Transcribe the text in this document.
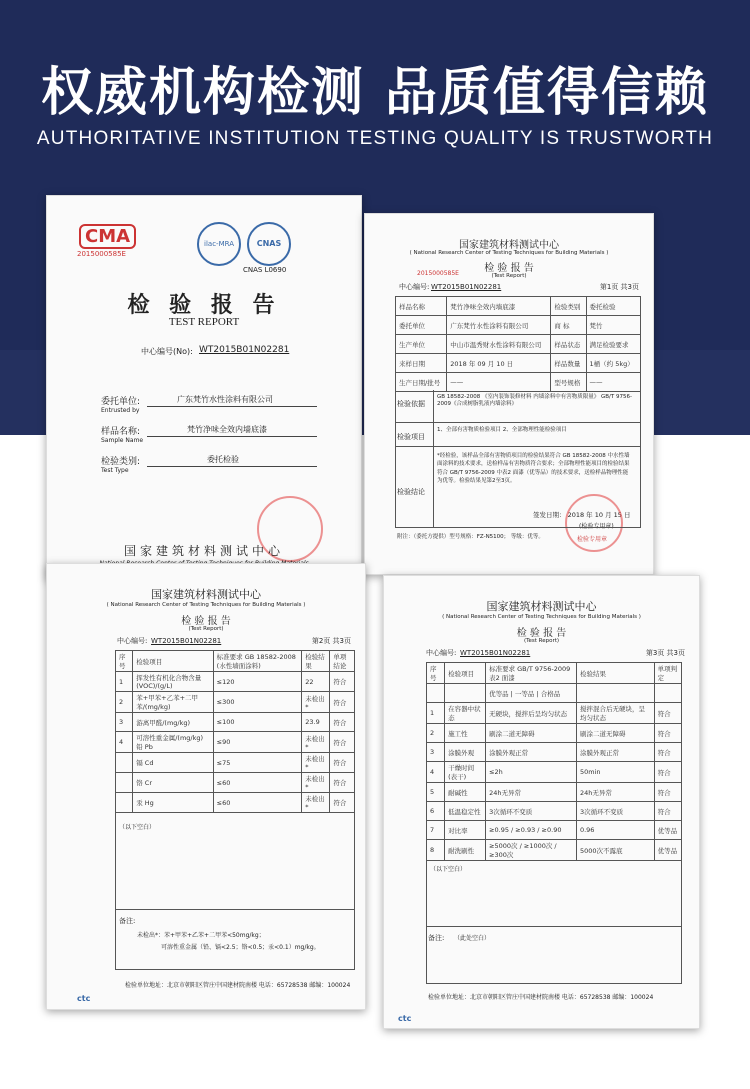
权威机构检测 品质值得信赖
AUTHORITATIVE INSTITUTION TESTING QUALITY IS TRUSTWORTH
CMA
2015000585E
ilac-MRA	CNAS
CNAS L0690
检 验 报 告
TEST REPORT
中心编号(No): WT2015B01N02281
委托单位:
Entrusted by
广东梵竹水性涂料有限公司
样品名称:
Sample Name
梵竹净味全效内墙底漆
检验类别:
Test Type
委托检验
国家建筑材料测试中心
国家建筑材料测试中心
( National Research Center of Testing Techniques for Building Materials )
检 验 报 告
(Test Report)
2015000585E
中心编号: WT2015B01N02281	第1页 共3页
样品名称	梵竹净味全效内墙底漆	检验类别	委托检验
委托单位	广东梵竹水性涂料有限公司	商 标	梵竹
生产单位	中山市温秀财水性涂料有限公司	样品状态	满足检验要求
来样日期	2018 年 09 月 10 日	样品数量	1桶（约 5kg）
生产日期/批号	——	型号规格	——
检验依据
GB 18582-2008 《室内装饰装修材料 内墙涂料中有害物质限量》 GB/T 9756-2009《合成树脂乳液内墙涂料》
检验项目
1、全部有害物质检验项目 2、全部物理性能检验项目
检验结论
*经检验，该样品全部有害物质项目的检验结果符合 GB 18582-2008 中水性墙面涂料的技术要求，送检样品有害物质符合要求；全部物理性能项目的检验结果符合 GB/T 9756-2009 中表2 面漆（优等品）的技术要求，送检样品物理性能为优等。检验结果见第2至3页。
签发日期： 2018 年 10 月 15 日
(检验专用章)
检验专用章
附注：（委托方提供）型号规格：FZ-N5100； 等级：优等。
国家建筑材料测试中心
( National Research Center of Testing Techniques for Building Materials )
检 验 报 告
(Test Report)
中心编号: WT2015B01N02281	第2页 共3页
序号	检验项目	标准要求 GB 18582-2008 (水性墙面涂料)	检验结果	单项结论
1	挥发性有机化合物含量(VOC)/(g/L)	≤120	22	符合
2	苯+甲苯+乙苯+二甲苯/(mg/kg)	≤300	未检出*	符合
3	游离甲醛/(mg/kg)	≤100	23.9	符合
4	可溶性重金属/(mg/kg) 铅 Pb	≤90	未检出*	符合
	镉 Cd	≤75	未检出*	符合
	铬 Cr	≤60	未检出*	符合
	汞 Hg	≤60	未检出*	符合
（以下空白）
备注:
未检出*：苯+甲苯+乙苯+二甲苯<50mg/kg；
可溶性重金属（铅、镉<2.5；铬<0.5；汞<0.1）mg/kg。
检验单位地址：北京市朝阳区管庄中国建材院南楼 电话：65728538 邮编：100024
ctc
国家建筑材料测试中心
( National Research Center of Testing Techniques for Building Materials )
检 验 报 告
(Test Report)
中心编号: WT2015B01N02281	第3页 共3页
序号	检验项目	标准要求 GB/T 9756-2009 表2 面漆	检验结果	单项判定
		优等品 | 一等品 | 合格品		
1	在容器中状态	无硬块，搅拌后呈均匀状态	搅拌混合后无硬块，呈均匀状态	符合
2	施工性	刷涂二道无障碍	刷涂二道无障碍	符合
3	涂膜外观	涂膜外观正常	涂膜外观正常	符合
4	干燥时间(表干)	≤2h	50min	符合
5	耐碱性	24h无异常	24h无异常	符合
6	低温稳定性	3次循环不变质	3次循环不变质	符合
7	对比率	≥0.95 / ≥0.93 / ≥0.90	0.96	优等品
8	耐洗刷性	≥5000次 / ≥1000次 / ≥300次	5000次不露底	优等品
（以下空白）
备注: （此处空白）
检验单位地址：北京市朝阳区管庄中国建材院南楼 电话：65728538 邮编：100024
ctc
